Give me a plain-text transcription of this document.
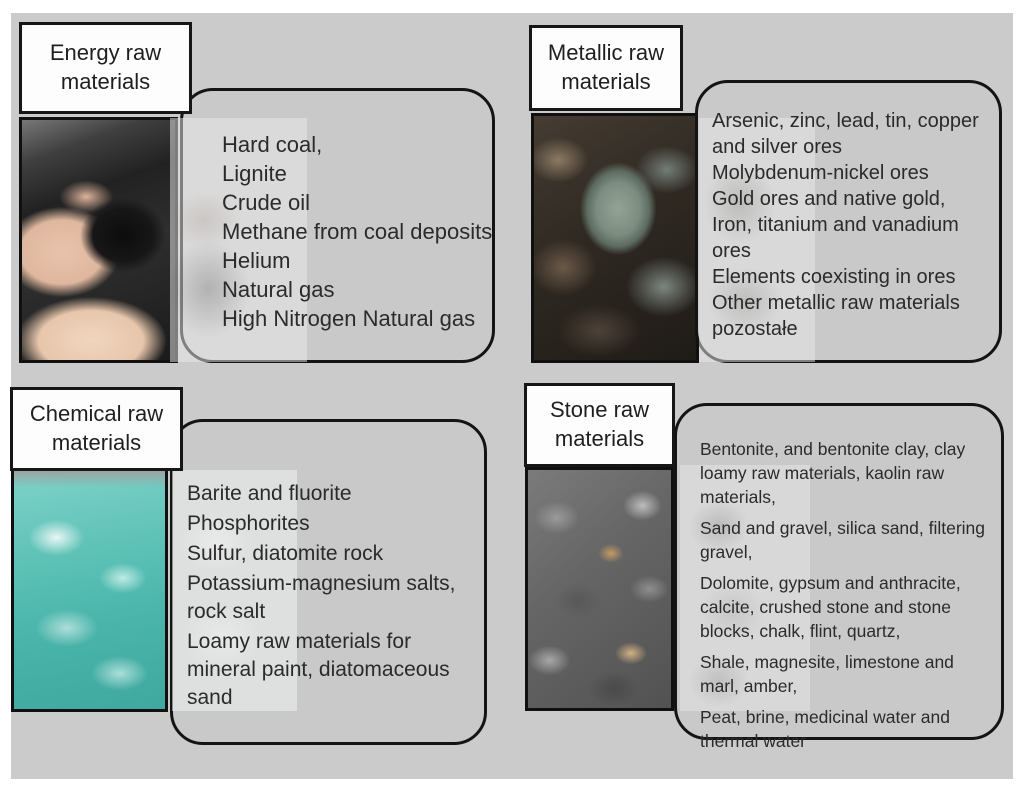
Energy raw materials
Hard coal,
Lignite
Crude oil
Methane from coal deposits
Helium
Natural gas
High Nitrogen Natural gas
Metallic raw materials
Arsenic, zinc, lead, tin, copper and silver ores
Molybdenum-nickel ores
Gold ores and native gold,
Iron, titanium and vanadium ores
Elements coexisting in ores
Other metallic raw materials pozostałe
Chemical raw materials
Barite and fluorite
Phosphorites
Sulfur, diatomite rock
Potassium-magnesium salts, rock salt
Loamy raw materials for mineral paint, diatomaceous sand
Stone raw materials	Bentonite, and bentonite clay, clay loamy raw materials, kaolin raw materials,
Sand and gravel, silica sand, filtering gravel,
Dolomite, gypsum and anthracite, calcite, crushed stone and stone blocks, chalk, flint, quartz,
Shale, magnesite, limestone and marl, amber,
Peat, brine, medicinal water and thermal water
